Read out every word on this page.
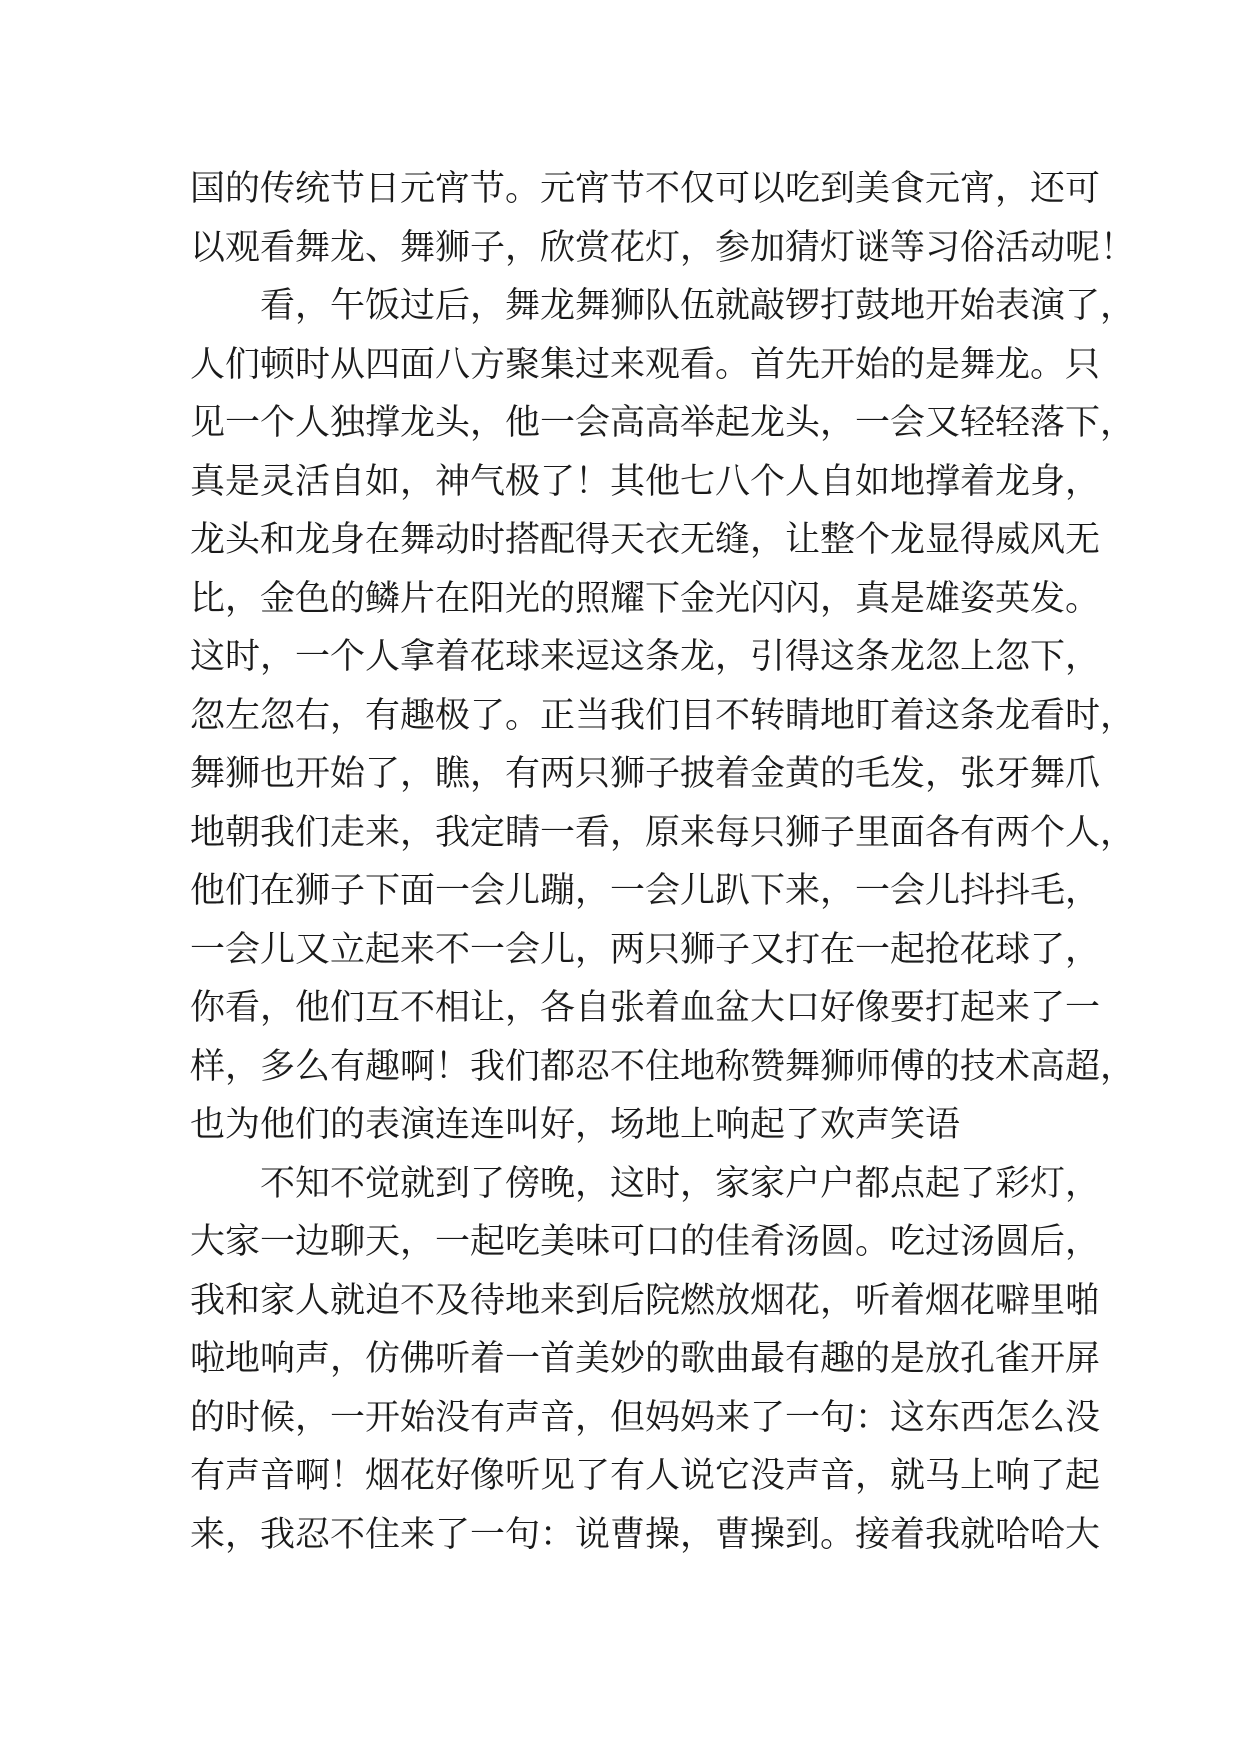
国的传统节日元宵节。元宵节不仅可以吃到美食元宵，还可
以观看舞龙、舞狮子，欣赏花灯，参加猜灯谜等习俗活动呢！
看，午饭过后，舞龙舞狮队伍就敲锣打鼓地开始表演了，
人们顿时从四面八方聚集过来观看。首先开始的是舞龙。只
见一个人独撑龙头，他一会高高举起龙头，一会又轻轻落下，
真是灵活自如，神气极了！其他七八个人自如地撑着龙身，
龙头和龙身在舞动时搭配得天衣无缝，让整个龙显得威风无
比，金色的鳞片在阳光的照耀下金光闪闪，真是雄姿英发。
这时，一个人拿着花球来逗这条龙，引得这条龙忽上忽下，
忽左忽右，有趣极了。正当我们目不转睛地盯着这条龙看时，
舞狮也开始了，瞧，有两只狮子披着金黄的毛发，张牙舞爪
地朝我们走来，我定睛一看，原来每只狮子里面各有两个人，
他们在狮子下面一会儿蹦，一会儿趴下来，一会儿抖抖毛，
一会儿又立起来不一会儿，两只狮子又打在一起抢花球了，
你看，他们互不相让，各自张着血盆大口好像要打起来了一
样，多么有趣啊！我们都忍不住地称赞舞狮师傅的技术高超，
也为他们的表演连连叫好，场地上响起了欢声笑语
不知不觉就到了傍晚，这时，家家户户都点起了彩灯，
大家一边聊天，一起吃美味可口的佳肴汤圆。吃过汤圆后，
我和家人就迫不及待地来到后院燃放烟花，听着烟花噼里啪
啦地响声，仿佛听着一首美妙的歌曲最有趣的是放孔雀开屏
的时候，一开始没有声音，但妈妈来了一句：这东西怎么没
有声音啊！烟花好像听见了有人说它没声音，就马上响了起
来，我忍不住来了一句：说曹操，曹操到。接着我就哈哈大
